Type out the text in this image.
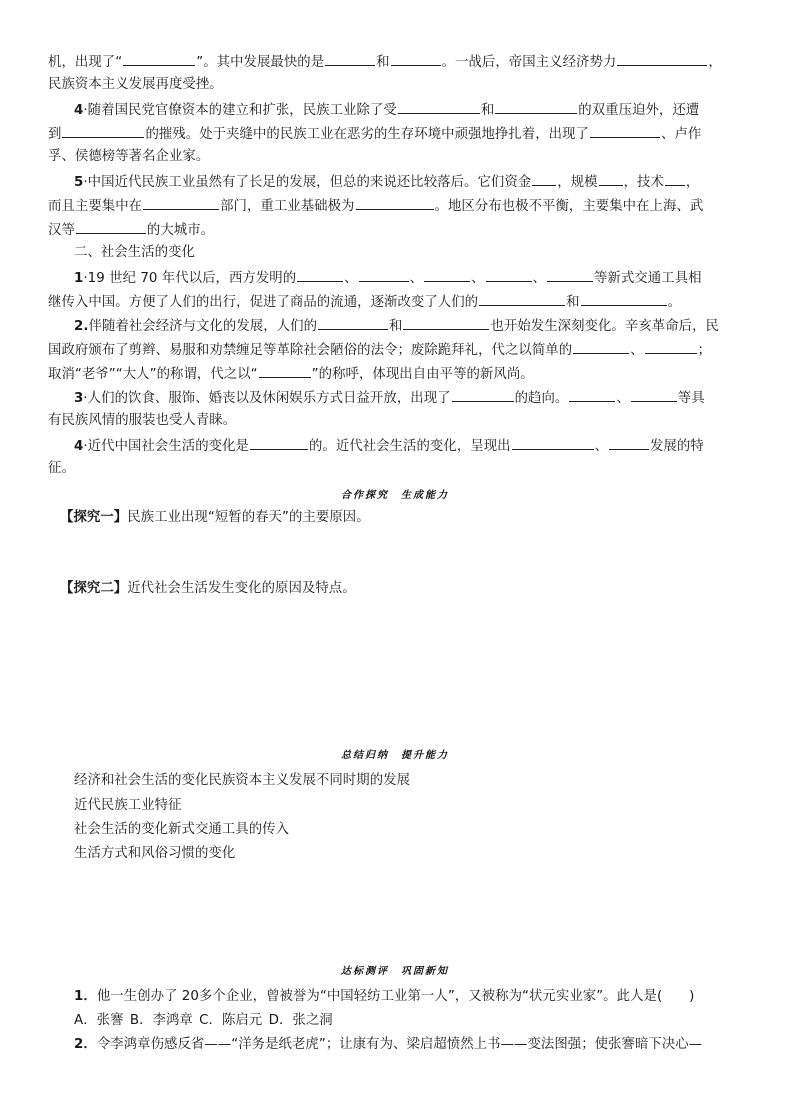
机，出现了“	”。其中发展最快的是	和	。一战后，帝国主义经济势力	，
民族资本主义发展再度受挫。
4·随着国民党官僚资本的建立和扩张，民族工业除了受	和	的双重压迫外，还遭
到	的摧残。处于夹缝中的民族工业在恶劣的生存环境中顽强地挣扎着，出现了	、卢作
孚、侯德榜等著名企业家。
5·中国近代民族工业虽然有了长足的发展，但总的来说还比较落后。它们资金 ，规模 ，技术 ，
而且主要集中在	部门，重工业基础极为	。地区分布也极不平衡，主要集中在上海、武
汉等	的大城市。
二、社会生活的变化
1·19 世纪 70 年代以后，西方发明的	、	、	、	、	等新式交通工具相
继传入中国。方便了人们的出行，促进了商品的流通，逐渐改变了人们的	和	。
2.伴随着社会经济与文化的发展，人们的	和	也开始发生深刻变化。辛亥革命后，民
国政府颁布了剪辫、易服和劝禁缠足等革除社会陋俗的法令；废除跪拜礼，代之以简单的	、	；
取消“老爷”“大人”的称谓，代之以“	”的称呼，体现出自由平等的新风尚。
3·人们的饮食、服饰、婚丧以及休闲娱乐方式日益开放，出现了	的趋向。	、	等具
有民族风情的服装也受人青睐。
4·近代中国社会生活的变化是	的。近代社会生活的变化，呈现出	、	发展的特
征。
合作探究　生成能力
【探究一】民族工业出现“短暂的春天”的主要原因。
【探究二】近代社会生活发生变化的原因及特点。
总结归纳　提升能力
经济和社会生活的变化民族资本主义发展不同时期的发展
近代民族工业特征
社会生活的变化新式交通工具的传入
生活方式和风俗习惯的变化
达标测评　巩固新知
1．他一生创办了 20多个企业，曾被誉为“中国轻纺工业第一人”，又被称为“状元实业家”。此人是(　　)
A．张謇 B．李鸿章 C．陈启元 D．张之洞
2．令李鸿章伤感反省——“洋务是纸老虎”；让康有为、梁启超愤然上书——变法图强；使张謇暗下决心—
